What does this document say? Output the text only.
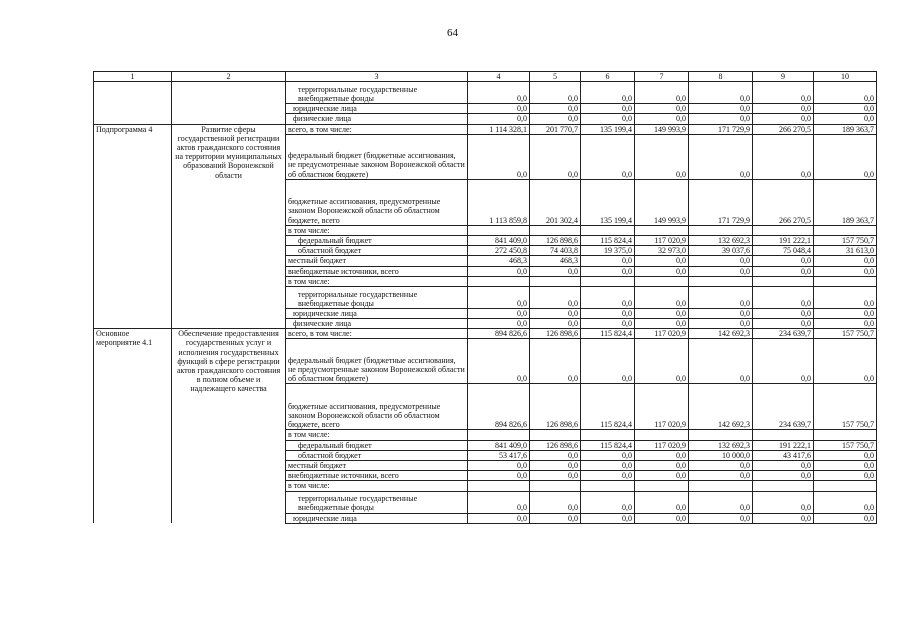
64
1	2	3	4	5	6	7	8	9	10
		территориальные государственные внебюджетные фонды	0,0	0,0	0,0	0,0	0,0	0,0	0,0
		юридические лица	0,0	0,0	0,0	0,0	0,0	0,0	0,0
		физические лица	0,0	0,0	0,0	0,0	0,0	0,0	0,0
Подпрограмма 4	Развитие сферы государственной регистрации актов гражданского состояния на территории муниципальных образований Воронежской области	всего, в том числе:	1 114 328,1	201 770,7	135 199,4	149 993,9	171 729,9	266 270,5	189 363,7
		федеральный бюджет (бюджетные ассигнования, не предусмотренные законом Воронежской области об областном бюджете)	0,0	0,0	0,0	0,0	0,0	0,0	0,0
		бюджетные ассигнования, предусмотренные законом Воронежской области об областном бюджете, всего	1 113 859,8	201 302,4	135 199,4	149 993,9	171 729,9	266 270,5	189 363,7
		в том числе:							
		федеральный бюджет	841 409,0	126 898,6	115 824,4	117 020,9	132 692,3	191 222,1	157 750,7
		областной бюджет	272 450,8	74 403,8	19 375,0	32 973,0	39 037,6	75 048,4	31 613,0
		местный бюджет	468,3	468,3	0,0	0,0	0,0	0,0	0,0
		внебюджетные источники, всего	0,0	0,0	0,0	0,0	0,0	0,0	0,0
		в том числе:							
		территориальные государственные внебюджетные фонды	0,0	0,0	0,0	0,0	0,0	0,0	0,0
		юридические лица	0,0	0,0	0,0	0,0	0,0	0,0	0,0
		физические лица	0,0	0,0	0,0	0,0	0,0	0,0	0,0
Основное мероприятие 4.1	Обеспечение предоставления государственных услуг и исполнения государственных функций в сфере регистрации актов гражданского состояния в полном объеме и надлежащего качества	всего, в том числе:	894 826,6	126 898,6	115 824,4	117 020,9	142 692,3	234 639,7	157 750,7
		федеральный бюджет (бюджетные ассигнования, не предусмотренные законом Воронежской области об областном бюджете)	0,0	0,0	0,0	0,0	0,0	0,0	0,0
		бюджетные ассигнования, предусмотренные законом Воронежской области об областном бюджете, всего	894 826,6	126 898,6	115 824,4	117 020,9	142 692,3	234 639,7	157 750,7
		в том числе:							
		федеральный бюджет	841 409,0	126 898,6	115 824,4	117 020,9	132 692,3	191 222,1	157 750,7
		областной бюджет	53 417,6	0,0	0,0	0,0	10 000,0	43 417,6	0,0
		местный бюджет	0,0	0,0	0,0	0,0	0,0	0,0	0,0
		внебюджетные источники, всего	0,0	0,0	0,0	0,0	0,0	0,0	0,0
		в том числе:							
		территориальные государственные внебюджетные фонды	0,0	0,0	0,0	0,0	0,0	0,0	0,0
		юридические лица	0,0	0,0	0,0	0,0	0,0	0,0	0,0
